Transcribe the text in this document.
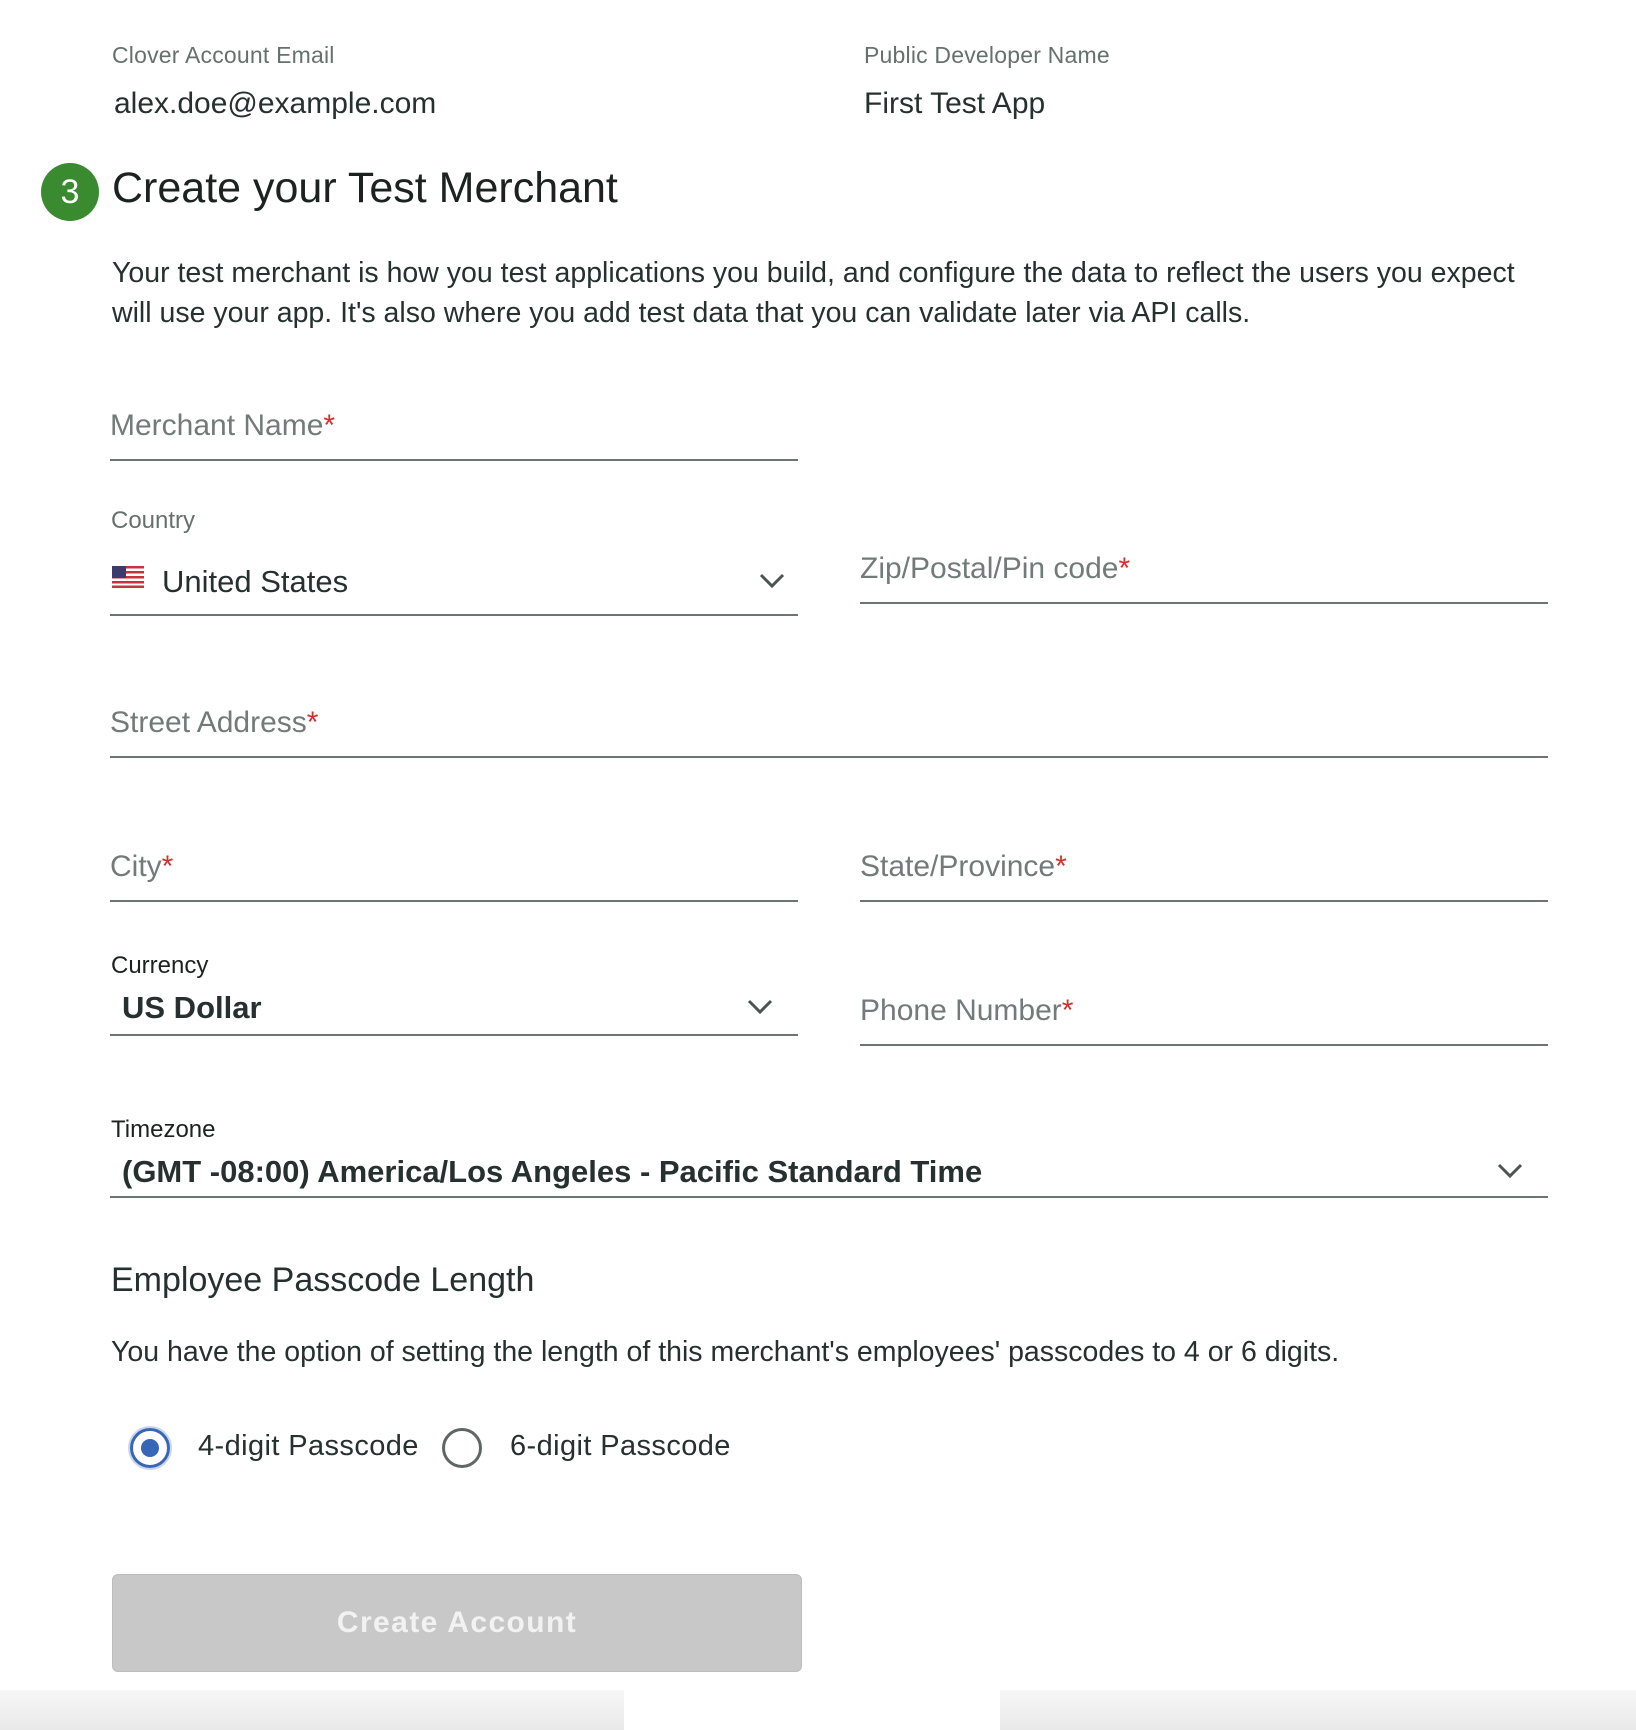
Clover Account Email
alex.doe@example.com
Public Developer Name
First Test App
3 Create your Test Merchant
Your test merchant is how you test applications you build, and configure the data to reflect the users you expect will use your app. It's also where you add test data that you can validate later via API calls.
Merchant Name*
Country
United States	Zip/Postal/Pin code*
Street Address*
City*	State/Province*
Currency
US Dollar	Phone Number*
Timezone
(GMT -08:00) America/Los Angeles - Pacific Standard Time
Employee Passcode Length
You have the option of setting the length of this merchant's employees' passcodes to 4 or 6 digits.
4-digit Passcode	6-digit Passcode
Create Account
